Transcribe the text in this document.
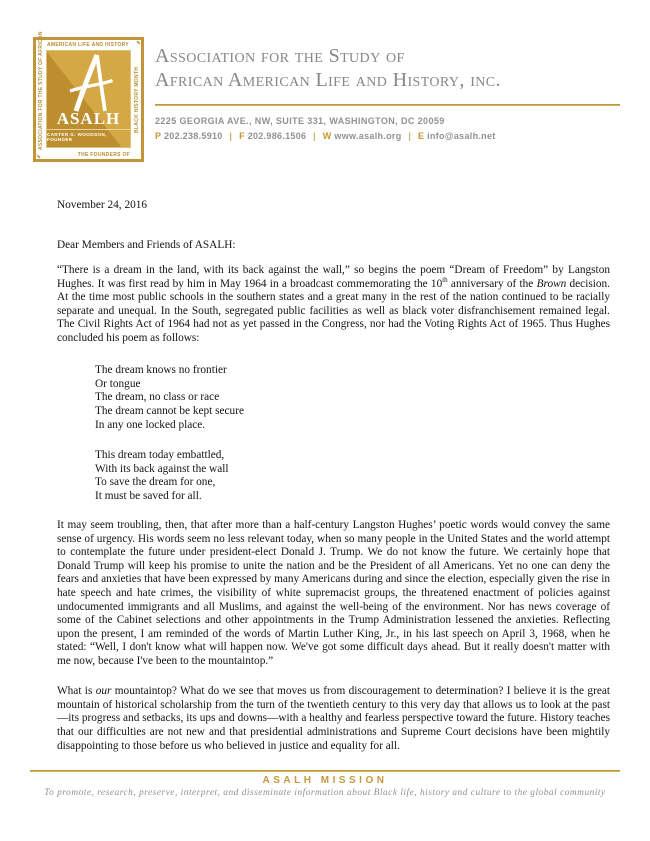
AMERICAN LIFE AND HISTORY
ASSOCIATION FOR THE STUDY OF AFRICAN	BLACK HISTORY MONTH
THE FOUNDERS OF
✒
✒
ASALH
CARTER G. WOODSON, FOUNDER
Association for the Study of
African American Life and History, inc.
2225 GEORGIA AVE., NW, SUITE 331, WASHINGTON, DC 20059
P 202.238.5910 | F 202.986.1506 | W www.asalh.org | E info@asalh.net

November 24, 2016

Dear Members and Friends of ASALH:

“There is a dream in the land, with its back against the wall,” so begins the poem “Dream of Freedom” by Langston Hughes. It was first read by him in May 1964 in a broadcast commemorating the 10th anniversary of the Brown decision. At the time most public schools in the southern states and a great many in the rest of the nation continued to be racially separate and unequal. In the South, segregated public facilities as well as black voter disfranchisement remained legal. The Civil Rights Act of 1964 had not as yet passed in the Congress, nor had the Voting Rights Act of 1965. Thus Hughes concluded his poem as follows:

The dream knows no frontier
Or tongue
The dream, no class or race
The dream cannot be kept secure
In any one locked place.
This dream today embattled,
With its back against the wall
To save the dream for one,
It must be saved for all.

It may seem troubling, then, that after more than a half-century Langston Hughes’ poetic words would convey the same sense of urgency. His words seem no less relevant today, when so many people in the United States and the world attempt to contemplate the future under president-elect Donald J. Trump. We do not know the future. We certainly hope that Donald Trump will keep his promise to unite the nation and be the President of all Americans. Yet no one can deny the fears and anxieties that have been expressed by many Americans during and since the election, especially given the rise in hate speech and hate crimes, the visibility of white supremacist groups, the threatened enactment of policies against undocumented immigrants and all Muslims, and against the well-being of the environment. Nor has news coverage of some of the Cabinet selections and other appointments in the Trump Administration lessened the anxieties. Reflecting upon the present, I am reminded of the words of Martin Luther King, Jr., in his last speech on April 3, 1968, when he stated: “Well, I don't know what will happen now. We've got some difficult days ahead. But it really doesn't matter with me now, because I've been to the mountaintop.”

What is our mountaintop? What do we see that moves us from discouragement to determination? I believe it is the great mountain of historical scholarship from the turn of the twentieth century to this very day that allows us to look at the past—its progress and setbacks, its ups and downs—with a healthy and fearless perspective toward the future. History teaches that our difficulties are not new and that presidential administrations and Supreme Court decisions have been mightily disappointing to those before us who believed in justice and equality for all.

ASALH MISSION
To promote, research, preserve, interpret, and disseminate information about Black life, history and culture to the global community
